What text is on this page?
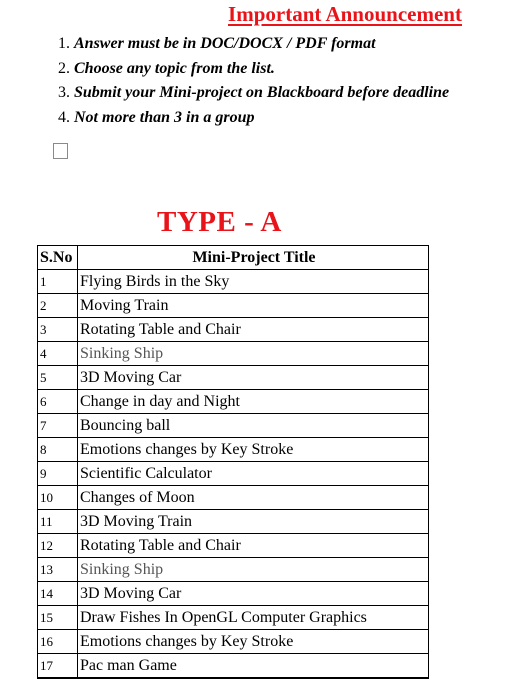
Important Announcement
1. Answer must be in DOC/DOCX / PDF format
2. Choose any topic from the list.
3. Submit your Mini-project on Blackboard before deadline
4. Not more than 3 in a group
TYPE - A
S.No	Mini-Project Title
1	Flying Birds in the Sky
2	Moving Train
3	Rotating Table and Chair
4	Sinking Ship
5	3D Moving Car
6	Change in day and Night
7	Bouncing ball
8	Emotions changes by Key Stroke
9	Scientific Calculator
10	Changes of Moon
11	3D Moving Train
12	Rotating Table and Chair
13	Sinking Ship
14	3D Moving Car
15	Draw Fishes In OpenGL Computer Graphics
16	Emotions changes by Key Stroke
17	Pac man Game
